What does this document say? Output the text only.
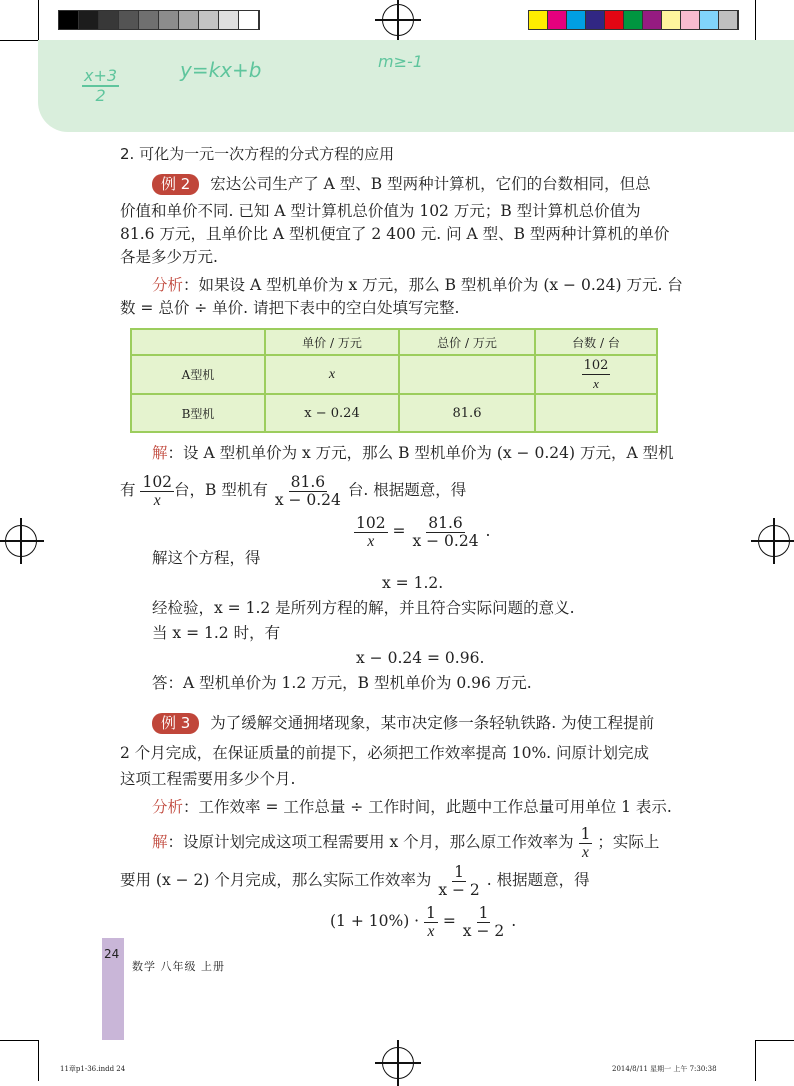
x+3
2
y=kx+b	m≥-1
2. 可化为一元一次方程的分式方程的应用
例 2 宏达公司生产了 A 型、B 型两种计算机，它们的台数相同，但总
价值和单价不同. 已知 A 型计算机总价值为 102 万元；B 型计算机总价值为
81.6 万元，且单价比 A 型机便宜了 2 400 元. 问 A 型、B 型两种计算机的单价
各是多少万元.
分析：如果设 A 型机单价为 x 万元，那么 B 型机单价为 (x − 0.24) 万元. 台
数 = 总价 ÷ 单价. 请把下表中的空白处填写完整.
	单价 / 万元	总价 / 万元	台数 / 台
A型机	x		$\frac{102}{x}$

B型机	x − 0.24	81.6	
解：设 A 型机单价为 x 万元，那么 B 型机单价为 (x − 0.24) 万元，A 型机
有 $\frac{102}{x}$ 台，B 型机有 $\frac{81.6}{x - 0.24}$ 台. 根据题意，得
$\frac{102}{x} = \frac{81.6}{x - 0.24}$ .
解这个方程，得
x = 1.2.
经检验，x = 1.2 是所列方程的解，并且符合实际问题的意义.
当 x = 1.2 时，有
x − 0.24 = 0.96.
答：A 型机单价为 1.2 万元，B 型机单价为 0.96 万元.
例 3 为了缓解交通拥堵现象，某市决定修一条轻轨铁路. 为使工程提前
2 个月完成，在保证质量的前提下，必须把工作效率提高 10%. 问原计划完成
这项工程需要用多少个月.
分析：工作效率 = 工作总量 ÷ 工作时间，此题中工作总量可用单位 1 表示.
解：设原计划完成这项工程需要用 x 个月，那么原工作效率为 $\frac{1}{x}$ ；实际上
要用 (x − 2) 个月完成，那么实际工作效率为 $\frac{1}{x - 2}$ . 根据题意，得
$(1 + 10\%) \cdot \frac{1}{x} = \frac{1}{x - 2}$ .
24
数学 八年级 上册
11章p1-36.indd 24	2014/8/11 星期一 上午 7:30:38
